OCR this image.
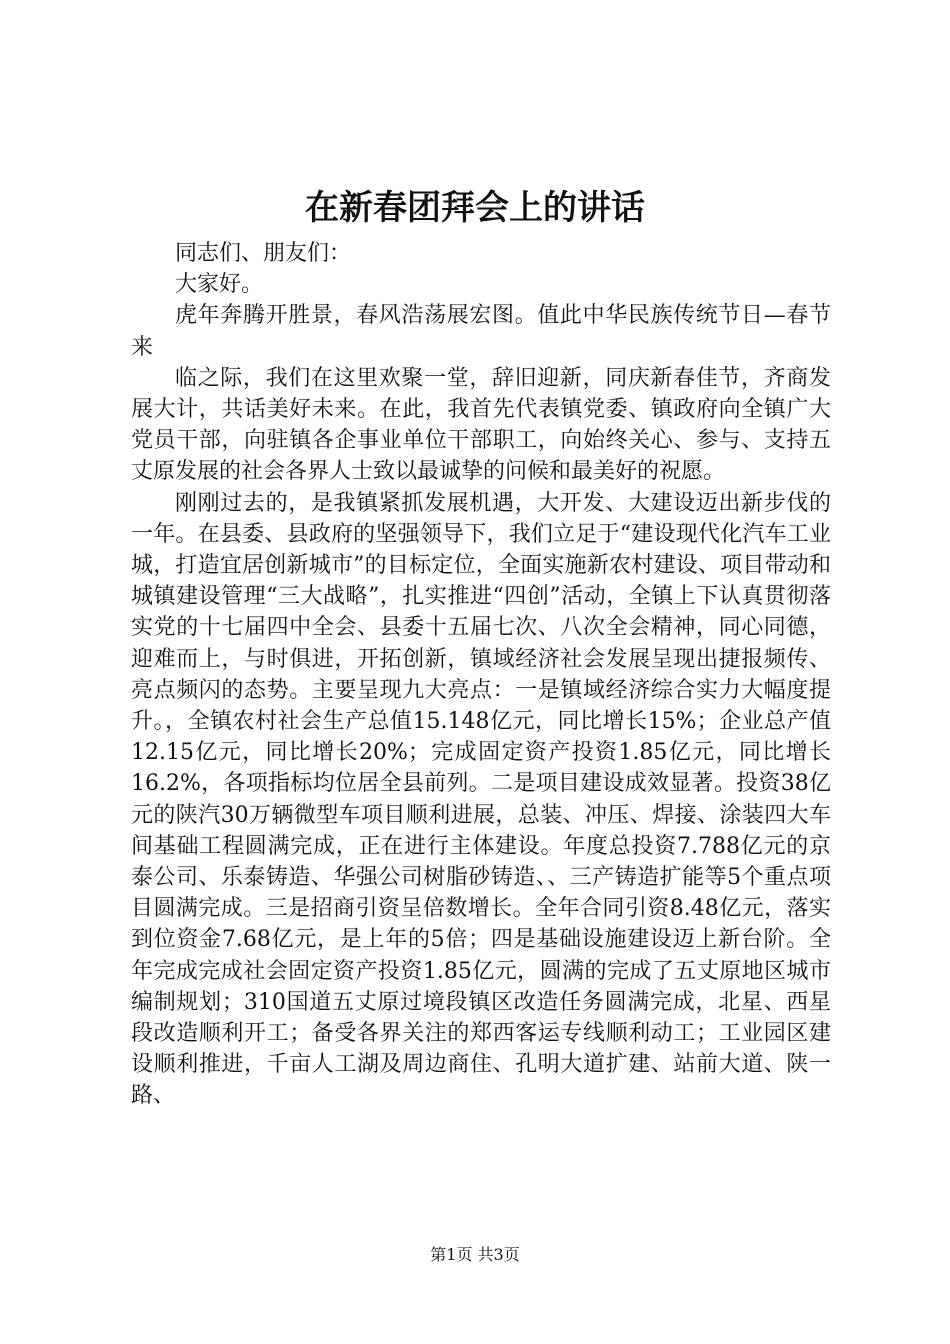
在新春团拜会上的讲话

同志们、朋友们：

大家好。

虎年奔腾开胜景，春风浩荡展宏图。值此中华民族传统节日—春节来

临之际，我们在这里欢聚一堂，辞旧迎新，同庆新春佳节，齐商发展大计，共话美好未来。在此，我首先代表镇党委、镇政府向全镇广大党员干部，向驻镇各企事业单位干部职工，向始终关心、参与、支持五丈原发展的社会各界人士致以最诚挚的问候和最美好的祝愿。

刚刚过去的，是我镇紧抓发展机遇，大开发、大建设迈出新步伐的一年。在县委、县政府的坚强领导下，我们立足于“建设现代化汽车工业城，打造宜居创新城市”的目标定位，全面实施新农村建设、项目带动和城镇建设管理“三大战略”，扎实推进“四创”活动，全镇上下认真贯彻落实党的十七届四中全会、县委十五届七次、八次全会精神，同心同德，迎难而上，与时俱进，开拓创新，镇域经济社会发展呈现出捷报频传、亮点频闪的态势。主要呈现九大亮点：一是镇域经济综合实力大幅度提升。，全镇农村社会生产总值15.148亿元，同比增长15%；企业总产值12.15亿元，同比增长20%；完成固定资产投资1.85亿元，同比增长16.2%，各项指标均位居全县前列。二是项目建设成效显著。投资38亿元的陕汽30万辆微型车项目顺利进展，总装、冲压、焊接、涂装四大车间基础工程圆满完成，正在进行主体建设。年度总投资7.788亿元的京泰公司、乐泰铸造、华强公司树脂砂铸造、、三产铸造扩能等5个重点项目圆满完成。三是招商引资呈倍数增长。全年合同引资8.48亿元，落实到位资金7.68亿元，是上年的5倍；四是基础设施建设迈上新台阶。全年完成完成社会固定资产投资1.85亿元，圆满的完成了五丈原地区城市编制规划；310国道五丈原过境段镇区改造任务圆满完成，北星、西星段改造顺利开工；备受各界关注的郑西客运专线顺利动工；工业园区建设顺利推进，千亩人工湖及周边商住、孔明大道扩建、站前大道、陕一路、

第1页 共3页
